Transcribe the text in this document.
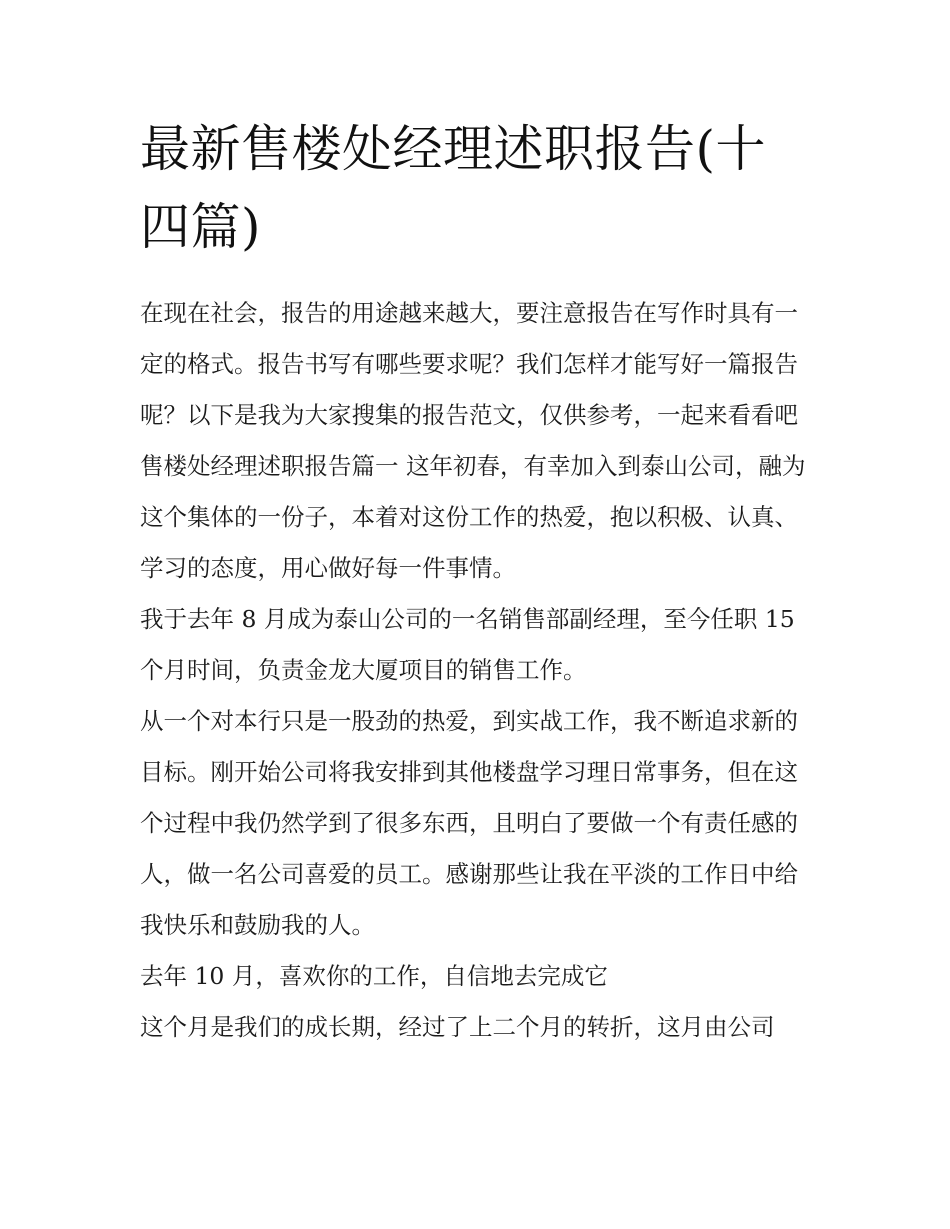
最新售楼处经理述职报告(十四篇)

在现在社会，报告的用途越来越大，要注意报告在写作时具有一定的格式。报告书写有哪些要求呢？我们怎样才能写好一篇报告呢？以下是我为大家搜集的报告范文，仅供参考，一起来看看吧

售楼处经理述职报告篇一 这年初春，有幸加入到泰山公司，融为这个集体的一份子，本着对这份工作的热爱，抱以积极、认真、学习的态度，用心做好每一件事情。

我于去年 8 月成为泰山公司的一名销售部副经理，至今任职 15 个月时间，负责金龙大厦项目的销售工作。

从一个对本行只是一股劲的热爱，到实战工作，我不断追求新的目标。刚开始公司将我安排到其他楼盘学习理日常事务，但在这个过程中我仍然学到了很多东西，且明白了要做一个有责任感的人，做一名公司喜爱的员工。感谢那些让我在平淡的工作日中给我快乐和鼓励我的人。

去年 10 月，喜欢你的工作，自信地去完成它

这个月是我们的成长期，经过了上二个月的转折，这月由公司
